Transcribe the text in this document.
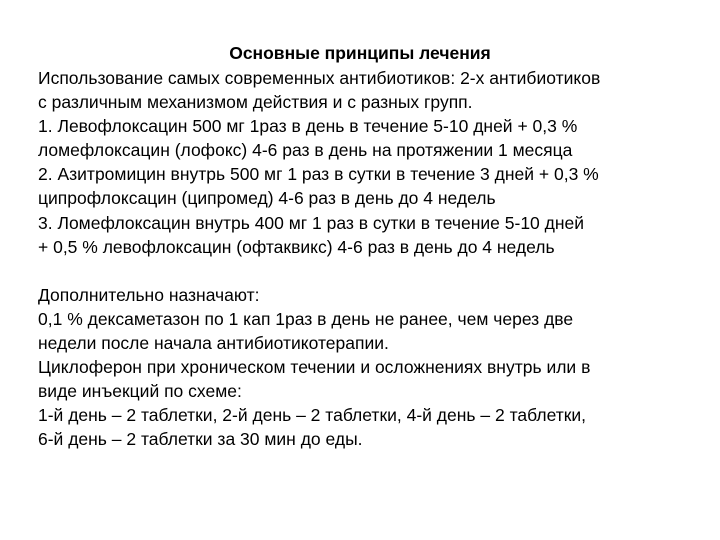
Основные принципы лечения
Использование самых современных антибиотиков: 2-х антибиотиков
с различным механизмом действия и с разных групп.
1. Левофлоксацин 500 мг 1раз в день в течение 5-10 дней + 0,3 %
ломефлоксацин (лофокс) 4-6 раз в день на протяжении 1 месяца
2. Азитромицин внутрь 500 мг 1 раз в сутки в течение 3 дней + 0,3 %
ципрофлоксацин (ципромед) 4-6 раз в день до 4 недель
3. Ломефлоксацин внутрь 400 мг 1 раз в сутки в течение 5-10 дней
+ 0,5 % левофлоксацин (офтаквикс) 4-6 раз в день до 4 недель
Дополнительно назначают:
0,1 % дексаметазон по 1 кап 1раз в день не ранее, чем через две
недели после начала антибиотикотерапии.
Циклоферон при хроническом течении и осложнениях внутрь или в
виде инъекций по схеме:
1-й день – 2 таблетки, 2-й день – 2 таблетки, 4-й день – 2 таблетки,
6-й день – 2 таблетки за 30 мин до еды.
